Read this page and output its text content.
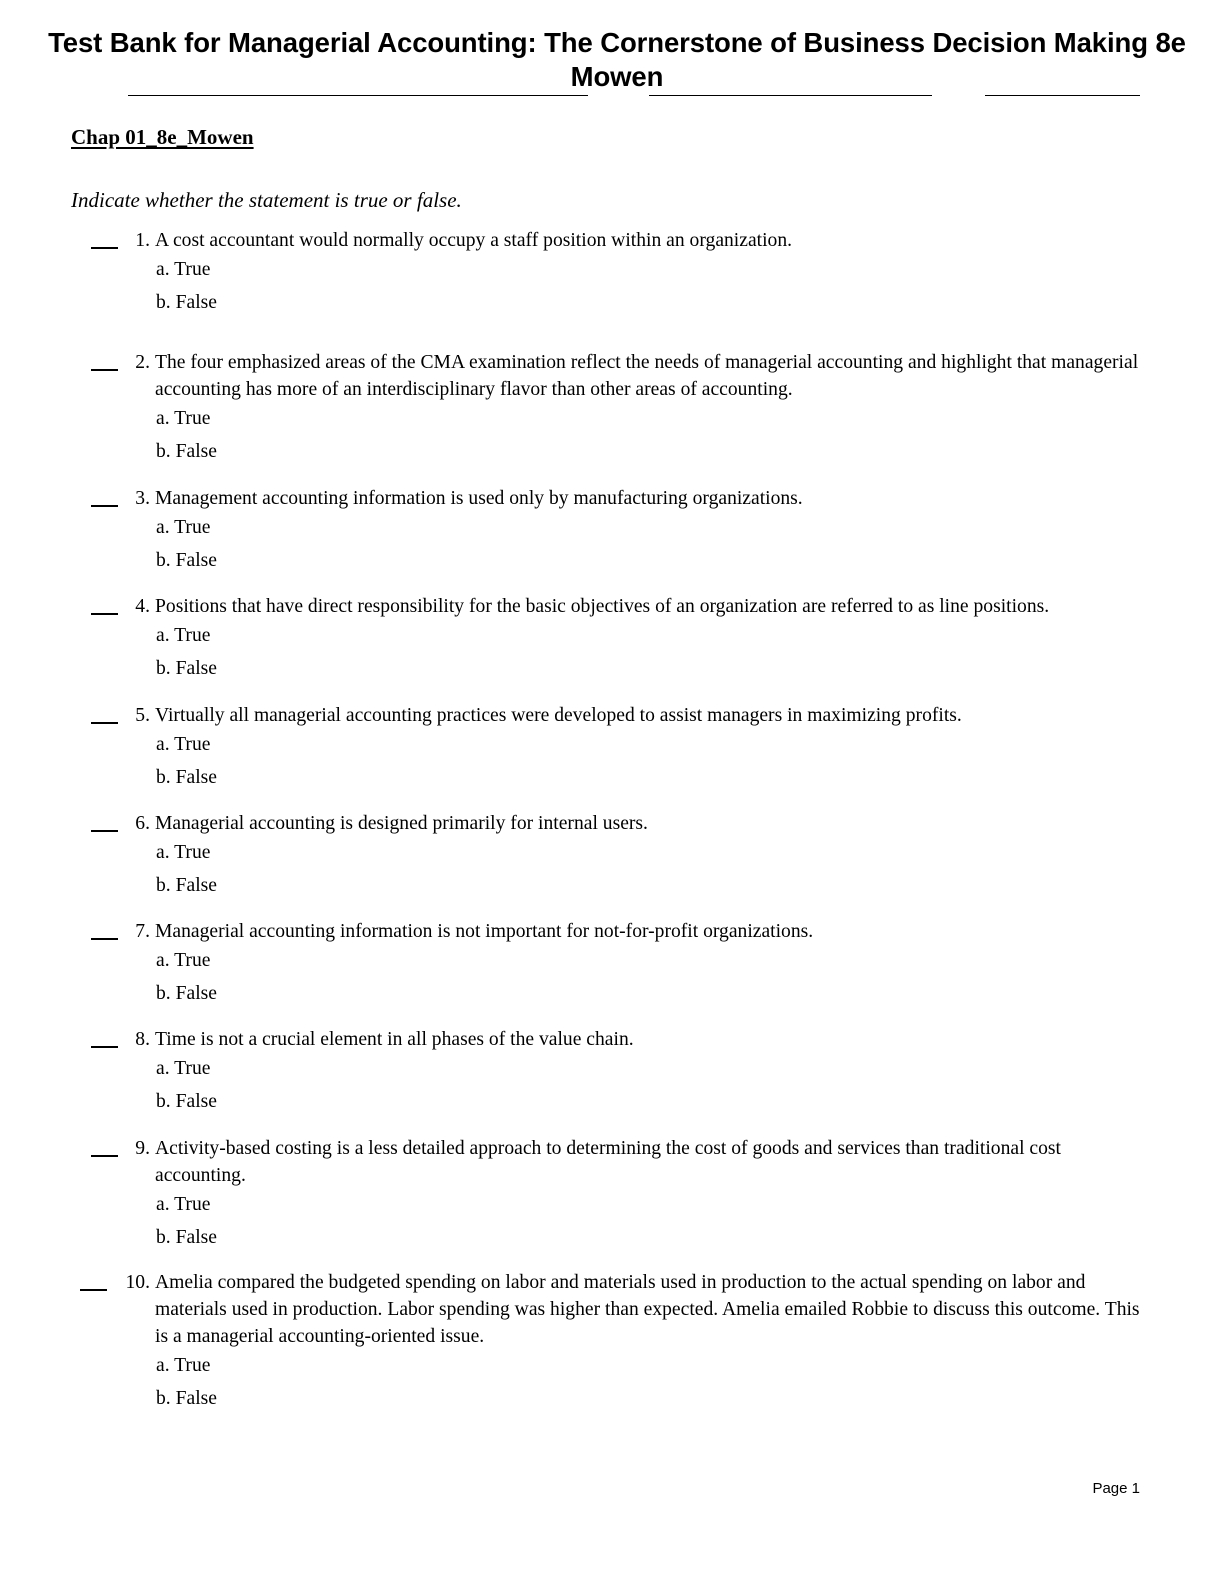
Test Bank for Managerial Accounting: The Cornerstone of Business Decision Making 8e Mowen
Chap 01_8e_Mowen
Indicate whether the statement is true or false.
1. A cost accountant would normally occupy a staff position within an organization.
a. True
b. False
2. The four emphasized areas of the CMA examination reflect the needs of managerial accounting and highlight that managerial accounting has more of an interdisciplinary flavor than other areas of accounting.
a. True
b. False
3. Management accounting information is used only by manufacturing organizations.
a. True
b. False
4. Positions that have direct responsibility for the basic objectives of an organization are referred to as line positions.
a. True
b. False
5. Virtually all managerial accounting practices were developed to assist managers in maximizing profits.
a. True
b. False
6. Managerial accounting is designed primarily for internal users.
a. True
b. False
7. Managerial accounting information is not important for not-for-profit organizations.
a. True
b. False
8. Time is not a crucial element in all phases of the value chain.
a. True
b. False
9. Activity-based costing is a less detailed approach to determining the cost of goods and services than traditional cost accounting.
a. True
b. False
10. Amelia compared the budgeted spending on labor and materials used in production to the actual spending on labor and materials used in production. Labor spending was higher than expected. Amelia emailed Robbie to discuss this outcome. This is a managerial accounting-oriented issue.
a. True
b. False
Page 1
